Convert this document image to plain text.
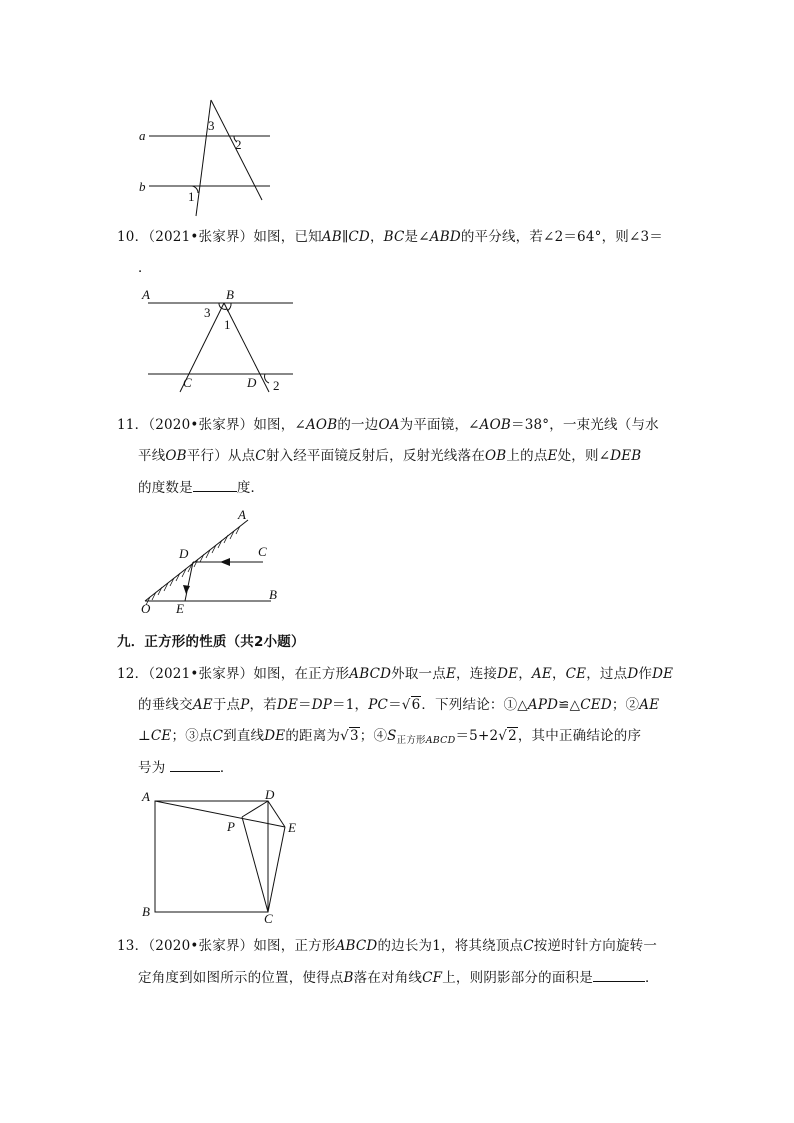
a
b
3
2
1
10．（2021•张家界）如图，已知AB∥CD，BC是∠ABD的平分线，若∠2＝64°，则∠3＝
．
A	B
3
1
C	D 2
11．（2020•张家界）如图，∠AOB的一边OA为平面镜，∠AOB＝38°，一束光线（与水
平线OB平行）从点C射入经平面镜反射后，反射光线落在OB上的点E处，则∠DEB
的度数是	度．
A
C
D
O E
B
九．正方形的性质（共2小题）
12．（2021•张家界）如图，在正方形ABCD外取一点E，连接DE，AE，CE，过点D作DE
的垂线交AE于点P，若DE＝DP＝1，PC＝√6．下列结论：①△APD≌△CED；②AE
⊥CE；③点C到直线DE的距离为√3；$④S_{正方形ABCD}=5+2√2$，其中正确结论的序
号为	．
A	D
P	E
B	C
13．（2020•张家界）如图，正方形ABCD的边长为1，将其绕顶点C按逆时针方向旋转一
定角度到如图所示的位置，使得点B落在对角线CF上，则阴影部分的面积是	．
